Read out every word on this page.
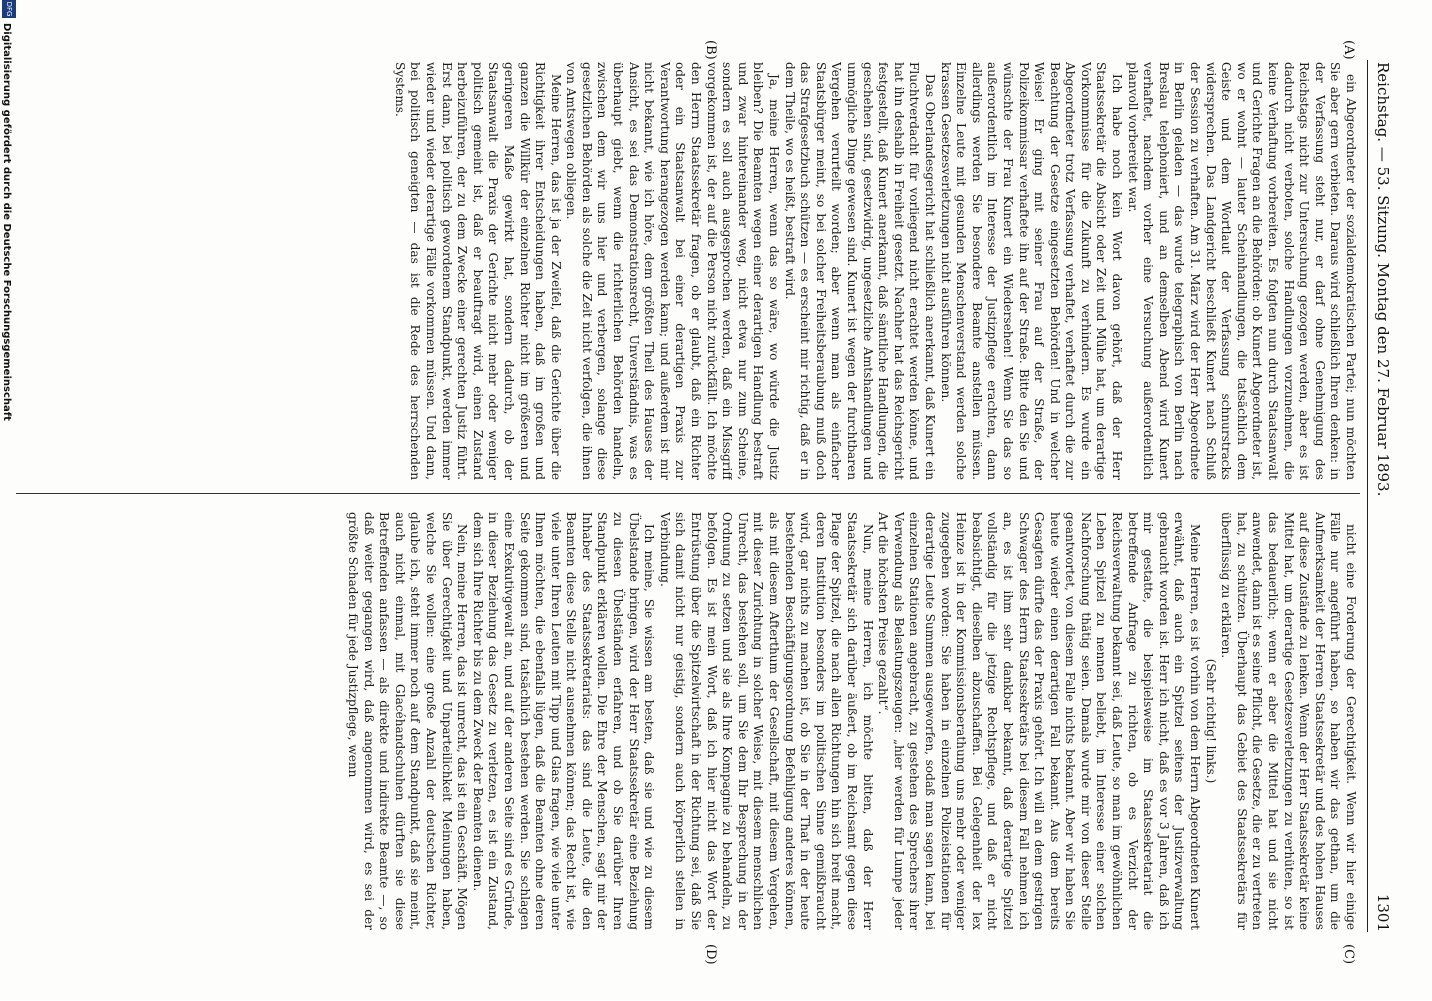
Reichstag. — 53. Sitzung. Montag den 27. Februar 1893.
1301
(A)
(B)
(C)
(D)

ein Abgeordneter der sozialdemokratischen Partei; nun möchten Sie aber gern verbieten. Daraus wird schließlich Ihren denken: in der Verfassung steht nur, er darf ohne Genehmigung des Reichstags nicht zur Untersuchung gezogen werden, aber es ist dadurch nicht verboten, solche Handlungen vorzunehmen, die keine Verhaftung vorbereiten. Es folgten nun durch Staatsanwalt und Gerichte Fragen an die Behörden: ob Kunert Abgeordneter ist, wo er wohnt — lauter Scheinhandlungen, die tatsächlich dem Geiste und dem Wortlaut der Verfassung schnurstracks widersprechen. Das Landgericht beschließt Kunert nach Schluß der Session zu verhaften. Am 31. März wird der Herr Abgeordnete in Berlin geladen — das wurde telegraphisch von Berlin nach Breslau telephoniert, und an demselben Abend wird Kunert verhaftet, nachdem vorher eine Versuchung außerordentlich planvoll vorbereitet war.

Ich habe noch kein Wort davon gehört, daß der Herr Staatssekretär die Absicht oder Zeit und Mühe hat, um derartige Vorkommnisse für die Zukunft zu verhindern. Es wurde ein Abgeordneter trotz Verfassung verhaftet, verhaftet durch die zur Beachtung der Gesetze eingesetzten Behörden! Und in welcher Weise! Er ging mit seiner Frau auf der Straße, der Polizeikommissar verhaftete ihn auf der Straße. Bitte den Sie und wünschte der Frau Kunert ein Wiedersehen! Wenn Sie das so außerordentlich im Interesse der Justizpflege erachten, dann allerdings werden Sie besondere Beamte anstellen müssen. Einzelne Leute mit gesunden Menschenverstand werden solche krassen Gesetzesverletzungen nicht ausführen können.

Das Oberlandesgericht hat schließlich anerkannt, daß Kunert ein Fluchtverdacht für vorliegend nicht erachtet werden könne, und hat ihn deshalb in Freiheit gesetzt. Nachher hat das Reichsgericht festgestellt, daß Kunert anerkannt, daß sämtliche Handlungen, die geschehen sind, gesetzwidrig, ungesetzliche Amtshandlungen und unmögliche Dinge gewesen sind. Kunert ist wegen der furchtbaren Vergehen verurteilt worden; aber wenn man als einfacher Staatsbürger meint, so bei solcher Freiheitsberaubung muß doch das Strafgesetzbuch schützen — es erscheint mir richtig, daß er in dem Theile, wo es heißt, bestraft wird.

Ja, meine Herren, wenn das so wäre, wo würde die Justiz bleiben? Die Beamten wegen einer derartigen Handlung bestraft und zwar hintereinander weg, nicht etwa nur zum Scheine, sondern es soll auch ausgesprochen werden, daß ein Missgriff vorgekommen ist, der auf die Person nicht zurückfällt. Ich möchte den Herrn Staatssekretär fragen, ob er glaubt, daß ein Richter oder ein Staatsanwalt bei einer derartigen Praxis zur Verantwortung herangezogen werden kann; und außerdem ist mir nicht bekannt, wie ich höre, dem größten Theil des Hauses der Ansicht, es sei das Demonstrationsrecht, Unverständnis, was es überhaupt giebt, wenn die richterlichen Behörden handeln, zwischen dem wir uns hier und verbergen, solange diese gesetzlichen Behörden als solche die Zeit nicht verfolgen, die ihnen von Amtswegen obliegen.

Meine Herren, das ist ja der Zweifel, daß die Gerichte über die Richtigkeit ihrer Entscheidungen haben, daß im großen und ganzen die Willkür der einzelnen Richter nicht im größeren und geringeren Maße gewirkt hat, sondern dadurch, ob der Staatsanwalt die Praxis der Gerichte nicht mehr oder weniger politisch gemeint ist, daß er beauftragt wird, einen Zustand herbeizuführen, der zu dem Zwecke einer gerechten Justiz führt. Erst dann, bei politisch gewordenem Standpunkt, werden immer wieder und wieder derartige Fälle vorkommen müssen. Und dann, bei politisch geneigten — das ist die Rede des herrschenden Systems.

nicht eine Forderung der Gerechtigkeit. Wenn wir hier einige Fälle nur angeführt haben, so haben wir das gethan, um die Aufmerksamkeit der Herren Staatssekretär und des hohen Hauses auf diese Zustände zu lenken. Wenn der Herr Staatssekretär keine Mittel hat, um derartige Gesetzesverletzungen zu verhüten, so ist das bedauerlich; wenn er aber die Mittel hat und sie nicht anwendet, dann ist es seine Pflicht, die Gesetze, die er zu vertreten hat, zu schützen. Überhaupt das Gebiet des Staatssekretärs für überflüssig zu erklären.

(Sehr richtig! links.)

Meine Herren, es ist vorhin von dem Herrn Abgeordneten Kunert erwähnt, daß auch ein Spitzel seitens der Justizverwaltung gebraucht worden ist. Herr ich nicht, daß es vor 3 Jahren, daß ich mir gestatte, die beispielsweise im Staatssekretariat die betreffende Anfrage zu richten, ob es Verzicht der Reichsverwaltung bekannt sei, daß Leute, so man im gewöhnlichen Leben Spitzel zu nennen beliebt, im Interesse einer solchen Nachforschung thätig seien. Damals wurde mir von dieser Stelle geantwortet, von diesem Falle nichts bekannt. Aber wir haben Sie heute wieder einen derartigen Fall bekannt. Aus dem bereits Gesagten dürfte das der Praxis gehört. Ich will an dem gestrigen Schwager des Herrn Staatssekretärs bei diesem Fall nehmen ich an, es ist ihm sehr dankbar bekannt, daß derartige Spitzel vollständig für die jetzige Rechtspflege, und daß er nicht beabsichtigt, dieselben abzuschaffen. Bei Gelegenheit der lex Heinze ist in der Kommissionsberathung uns mehr oder weniger zugegeben worden: Sie haben in einzelnen Polizeistationen für derartige Leute Summen ausgeworfen, sodaß man sagen kann, bei einzelnen Stationen angebracht, zu gestehen des Sprechers ihrer Verwendung als Belastungszeugen: „hier werden für Lumpe jeder Art die höchsten Preise gezahlt“.

Nun, meine Herren, ich möchte bitten, daß der Herr Staatssekretär sich darüber äußert, ob im Reichsamt gegen diese Plage der Spitzel, die nach allen Richtungen hin sich breit macht, deren Institution besonders im politischen Sinne gemißbraucht wird, gar nichts zu machen ist, ob Sie in der That in der heute bestehenden Beschäftigungsordnung Befehligung anderes können, als mit diesem Afterthum der Gesellschaft, mit diesem Vergehen, mit dieser Zurichtung in solcher Weise, mit diesem menschlichen Unrecht, das bestehen soll, um Sie dem Ihr Besprechung in der Ordnung zu setzen und sie als Ihre Kompagnie zu behandeln, zu befolgen. Es ist mein Wort, daß ich hier nicht das Wort der Entrüstung über die Spitzelwirtschaft in der Richtung sei, daß Sie sich damit nicht nur geistig, sondern auch körperlich stellen in Verbindung.

Ich meine, Sie wissen am besten, daß sie und wie zu diesem Übelstande bringen, wird der Herr Staatssekretär eine Beziehung zu diesen Übelständen erfahren, und ob Sie darüber Ihren Standpunkt erklären wollen. Die Ehre der Menschen, sagt mir der Inhaber des Staatssekretariats: das sind die Leute, die den Beamten diese Stelle nicht ausnehmen können; das Recht ist, wie viele unter Ihren Leuten mit Tipp und Glas fragen, wie viele unter Ihnen möchten, die ebenfalls lügen, daß die Beamten ohne deren Seite gekommen sind, tatsächlich bestehen werden. Sie schlagen eine Exekutivgewalt an, und auf der anderen Seite sind es Gründe, in dieser Beziehung das Gesetz zu verletzen, es ist ein Zustand, dem sich Ihre Richter bis zu dem Zweck der Beamten dienen.

Nein, meine Herren, das ist unrecht, das ist ein Geschäft. Mögen Sie über Gerechtigkeit und Unparteilichkeit Meinungen haben, welche Sie wollen: eine große Anzahl der deutschen Richter, glaube ich, steht immer noch auf dem Standpunkt, daß sie meint, auch nicht einmal, mit Glacéhandschuhen dürften sie diese Betreffenden anfassen — als direkte und indirekte Beamte —, so daß weiter gegangen wird, daß angenommen wird, es sei der größte Schaden für jede Justizpflege, wenn

DFG
Digitalisierung gefördert durch die Deutsche Forschungsgemeinschaft
